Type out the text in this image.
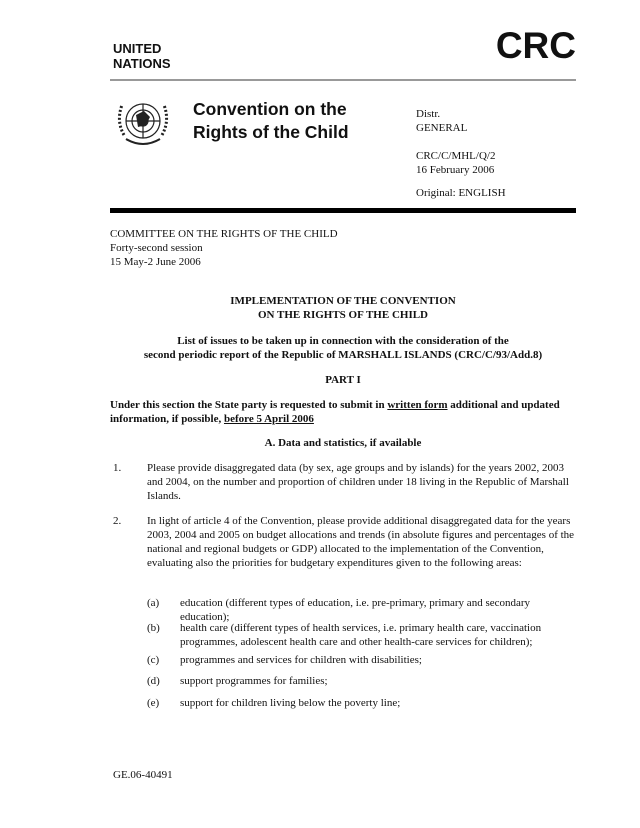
UNITED
NATIONS	CRC
Convention on the
Rights of the Child
Distr.
GENERAL
CRC/C/MHL/Q/2
16 February 2006
Original: ENGLISH
COMMITTEE ON THE RIGHTS OF THE CHILD
Forty-second session
15 May-2 June 2006
IMPLEMENTATION OF THE CONVENTION
ON THE RIGHTS OF THE CHILD
List of issues to be taken up in connection with the consideration of the
second periodic report of the Republic of MARSHALL ISLANDS (CRC/C/93/Add.8)
PART I
Under this section the State party is requested to submit in written form additional and updated information, if possible, before 5 April 2006
A. Data and statistics, if available
1. Please provide disaggregated data (by sex, age groups and by islands) for the years 2002, 2003 and 2004, on the number and proportion of children under 18 living in the Republic of Marshall Islands.
2. In light of article 4 of the Convention, please provide additional disaggregated data for the years 2003, 2004 and 2005 on budget allocations and trends (in absolute figures and percentages of the national and regional budgets or GDP) allocated to the implementation of the Convention, evaluating also the priorities for budgetary expenditures given to the following areas:
(a) education (different types of education, i.e. pre-primary, primary and secondary education);
(b) health care (different types of health services, i.e. primary health care, vaccination programmes, adolescent health care and other health-care services for children);
(c) programmes and services for children with disabilities;
(d) support programmes for families;
(e) support for children living below the poverty line;
GE.06-40491
